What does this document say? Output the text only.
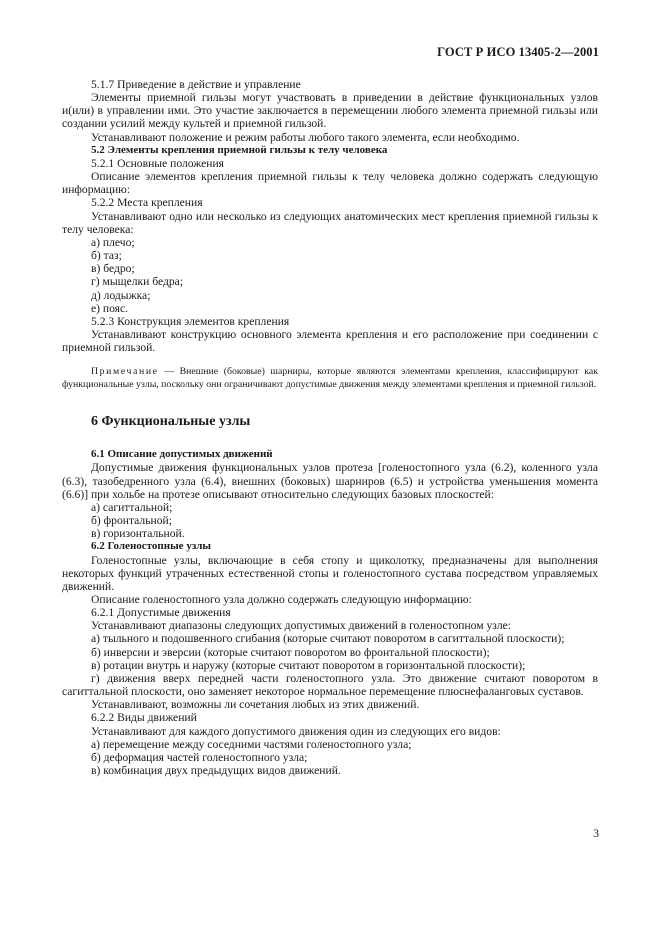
ГОСТ Р ИСО 13405-2—2001
5.1.7 Приведение в действие и управление
Элементы приемной гильзы могут участвовать в приведении в действие функциональных узлов и(или) в управлении ими. Это участие заключается в перемещении любого элемента приемной гильзы или создании усилий между культей и приемной гильзой.
Устанавливают положение и режим работы любого такого элемента, если необходимо.
5.2 Элементы крепления приемной гильзы к телу человека
5.2.1 Основные положения
Описание элементов крепления приемной гильзы к телу человека должно содержать следующую информацию:
5.2.2 Места крепления
Устанавливают одно или несколько из следующих анатомических мест крепления приемной гильзы к телу человека:
а) плечо;
б) таз;
в) бедро;
г) мыщелки бедра;
д) лодыжка;
е) пояс.
5.2.3 Конструкция элементов крепления
Устанавливают конструкцию основного элемента крепления и его расположение при соединении с приемной гильзой.
Примечание — Внешние (боковые) шарниры, которые являются элементами крепления, классифицируют как функциональные узлы, поскольку они ограничивают допустимые движения между элементами крепления и приемной гильзой.
6 Функциональные узлы
6.1 Описание допустимых движений
Допустимые движения функциональных узлов протеза [голеностопного узла (6.2), коленного узла (6.3), тазобедренного узла (6.4), внешних (боковых) шарниров (6.5) и устройства уменьшения момента (6.6)] при хольбе на протезе описывают относительно следующих базовых плоскостей:
а) сагиттальной;
б) фронтальной;
в) горизонтальной.
6.2 Голеностопные узлы
Голеностопные узлы, включающие в себя стопу и щиколотку, предназначены для выполнения некоторых функций утраченных естественной стопы и голеностопного сустава посредством управляемых движений.
Описание голеностопного узла должно содержать следующую информацию:
6.2.1 Допустимые движения
Устанавливают диапазоны следующих допустимых движений в голеностопном узле:
а) тыльного и подошвенного сгибания (которые считают поворотом в сагиттальной плоскости);
б) инверсии и эверсии (которые считают поворотом во фронтальной плоскости);
в) ротации внутрь и наружу (которые считают поворотом в горизонтальной плоскости);
г) движения вверх передней части голеностопного узла. Это движение считают поворотом в сагиттальной плоскости, оно заменяет некоторое нормальное перемещение плюснефаланговых суставов.
Устанавливают, возможны ли сочетания любых из этих движений.
6.2.2 Виды движений
Устанавливают для каждого допустимого движения один из следующих его видов:
а) перемещение между соседними частями голеностопного узла;
б) деформация частей голеностопного узла;
в) комбинация двух предыдущих видов движений.
3
